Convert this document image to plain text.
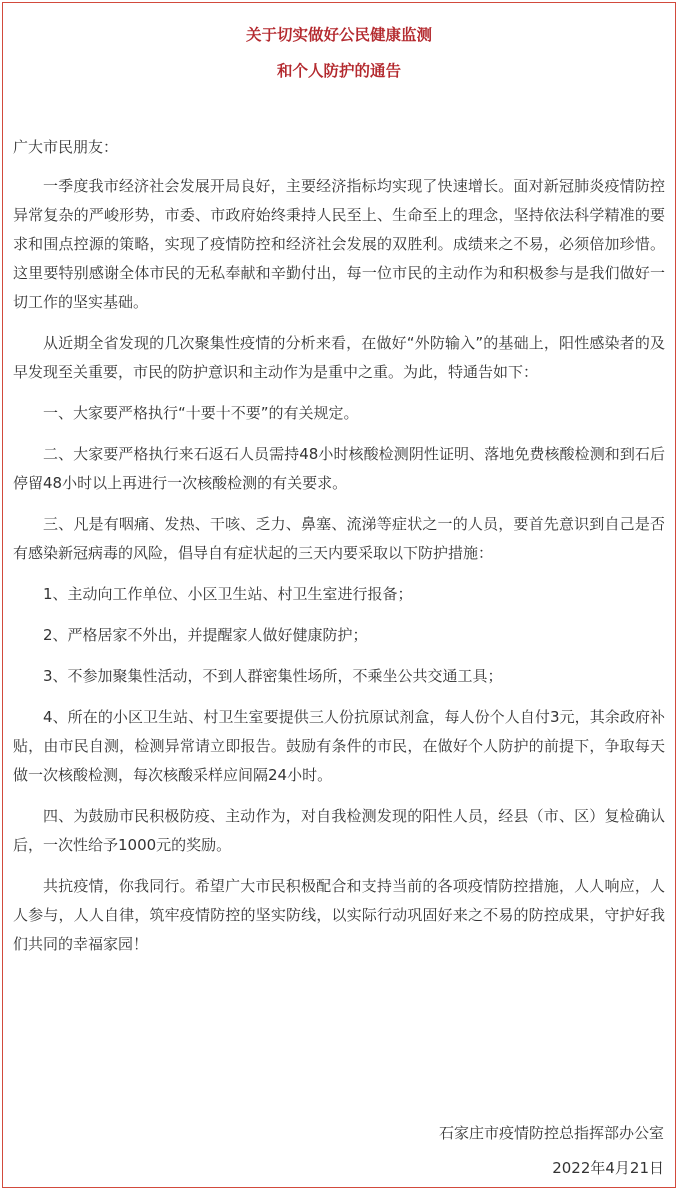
关于切实做好公民健康监测
和个人防护的通告

广大市民朋友：

一季度我市经济社会发展开局良好，主要经济指标均实现了快速增长。面对新冠肺炎疫情防控异常复杂的严峻形势，市委、市政府始终秉持人民至上、生命至上的理念，坚持依法科学精准的要求和围点控源的策略，实现了疫情防控和经济社会发展的双胜利。成绩来之不易，必须倍加珍惜。这里要特别感谢全体市民的无私奉献和辛勤付出，每一位市民的主动作为和积极参与是我们做好一切工作的坚实基础。

从近期全省发现的几次聚集性疫情的分析来看，在做好“外防输入”的基础上，阳性感染者的及早发现至关重要，市民的防护意识和主动作为是重中之重。为此，特通告如下：

一、大家要严格执行“十要十不要”的有关规定。

二、大家要严格执行来石返石人员需持48小时核酸检测阴性证明、落地免费核酸检测和到石后停留48小时以上再进行一次核酸检测的有关要求。

三、凡是有咽痛、发热、干咳、乏力、鼻塞、流涕等症状之一的人员，要首先意识到自己是否有感染新冠病毒的风险，倡导自有症状起的三天内要采取以下防护措施：

1、主动向工作单位、小区卫生站、村卫生室进行报备；

2、严格居家不外出，并提醒家人做好健康防护；

3、不参加聚集性活动，不到人群密集性场所，不乘坐公共交通工具；

4、所在的小区卫生站、村卫生室要提供三人份抗原试剂盒，每人份个人自付3元，其余政府补贴，由市民自测，检测异常请立即报告。鼓励有条件的市民，在做好个人防护的前提下，争取每天做一次核酸检测，每次核酸采样应间隔24小时。

四、为鼓励市民积极防疫、主动作为，对自我检测发现的阳性人员，经县（市、区）复检确认后，一次性给予1000元的奖励。

共抗疫情，你我同行。希望广大市民积极配合和支持当前的各项疫情防控措施，人人响应，人人参与，人人自律，筑牢疫情防控的坚实防线，以实际行动巩固好来之不易的防控成果，守护好我们共同的幸福家园！

石家庄市疫情防控总指挥部办公室
2022年4月21日
